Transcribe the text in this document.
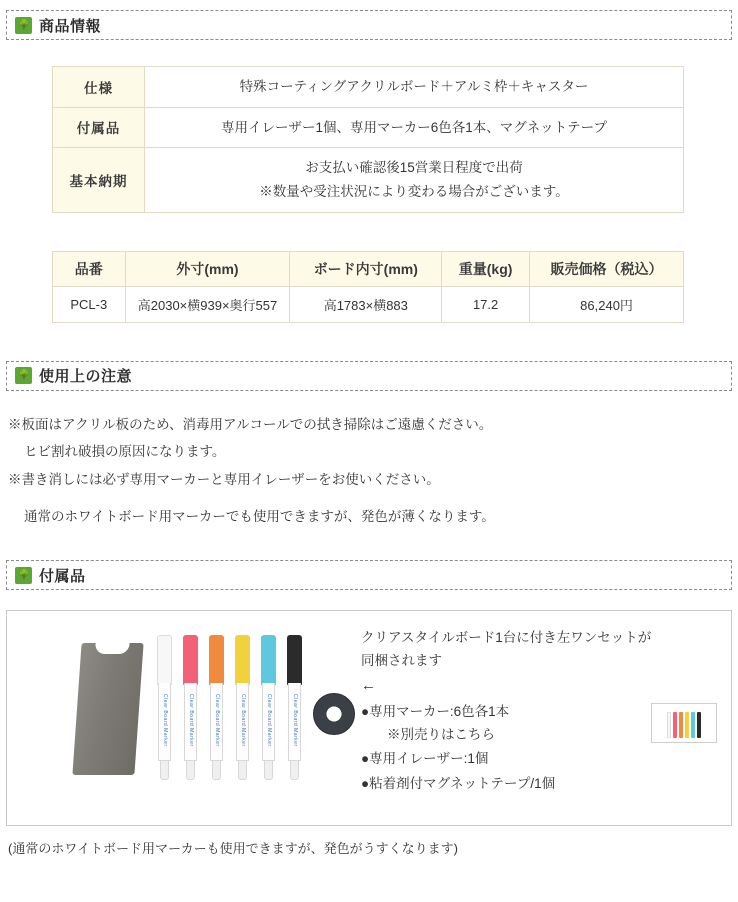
🌳 商品情報
仕様	特殊コーティングアクリルボード＋アルミ枠＋キャスター

付属品	専用イレーザー1個、専用マーカー6色各1本、マグネットテープ

基本納期	お支払い確認後15営業日程度で出荷
※数量や受注状況により変わる場合がございます。
品番	外寸(mm)	ボード内寸(mm)	重量(kg)	販売価格（税込）
PCL-3	高2030×横939×奥行557	高1783×横883	17.2	86,240円
🌳 使用上の注意
※板面はアクリル板のため、消毒用アルコールでの拭き掃除はご遠慮ください。
ヒビ割れ破損の原因になります。
※書き消しには必ず専用マーカーと専用イレーザーをお使いください。
通常のホワイトボード用マーカーでも使用できますが、発色が薄くなります。
🌳 付属品
Clear Board Marker	Clear Board Marker	Clear Board Marker	Clear Board Marker	Clear Board Marker	Clear Board Marker
クリアスタイルボード1台に付き左ワンセットが
同梱されます
←
●専用マーカー:6色各1本
※別売りはこちら
●専用イレーザー:1個
●粘着剤付マグネットテープ/1個
(通常のホワイトボード用マーカーも使用できますが、発色がうすくなります)
